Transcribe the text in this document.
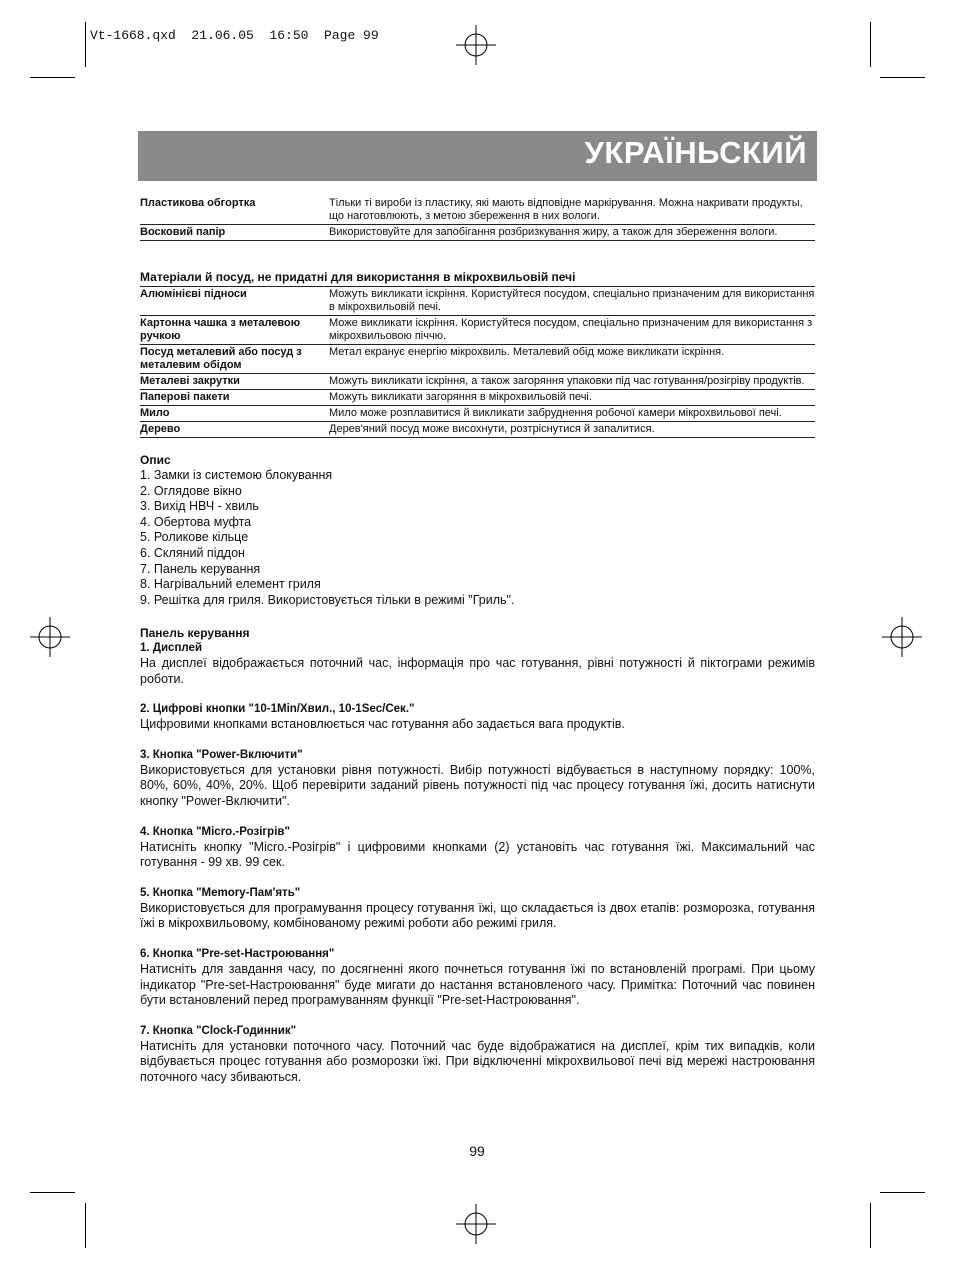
Vt-1668.qxd  21.06.05  16:50  Page 99
УКРАЇНЬСКИЙ
Пластикова обгортка	Тільки ті вироби із пластику, які мають відповідне маркірування. Можна накривати продукты, що наготовлюють, з метою збереження в них вологи.
Восковий папір	Використовуйте для запобігання розбризкування жиру, а також для збереження вологи.
Матеріали й посуд, не придатні для використання в мікрохвильовій печі
Алюмінієві підноси	Можуть викликати іскріння. Користуйтеся посудом, спеціально призначеним для використання в мікрохвильовій печі.
Картонна чашка з металевою ручкою	Може викликати іскріння. Користуйтеся посудом, спеціально призначеним для використання з мікрохвильовою піччю.
Посуд металевий або посуд з металевим обідом	Метал екранує енергію мікрохвиль. Металевий обід може викликати іскріння.
Металеві закрутки	Можуть викликати іскріння, а також загоряння упаковки під час готування/розігріву продуктів.
Паперові пакети	Можуть викликати загоряння в мікрохвильовій печі.
Мило	Мило може розплавитися й викликати забруднення робочої камери мікрохвильової печі.
Дерево	Дерев'яний посуд може висохнути, розтріснутися й запалитися.
Опис
1. Замки із системою блокування
2. Оглядове вікно
3. Вихід НВЧ - хвиль
4. Обертова муфта
5. Роликове кільце
6. Скляний піддон
7. Панель керування
8. Нагрівальний елемент гриля
9. Решітка для гриля. Використовується тільки в режимі "Гриль".
Панель керування
1. Дисплей
На дисплеї відображається поточний час, інформація про час готування, рівні потужності й піктограми режимів роботи.
2. Цифрові кнопки "10-1Min/Хвил., 10-1Sec/Сек."
Цифровими кнопками встановлюється час готування або задається вага продуктів.
3. Кнопка "Power-Включити"
Використовується для установки рівня потужності. Вибір потужності відбувається в наступному порядку: 100%, 80%, 60%, 40%, 20%. Щоб перевірити заданий рівень потужності під час процесу готування їжі, досить натиснути кнопку "Power-Включити".
4. Кнопка "Micro.-Розігрів"
Натисніть кнопку "Micro.-Розігрів" і цифровими кнопками (2) установіть час готування їжі. Максимальний час готування - 99 хв. 99 сек.
5. Кнопка "Memory-Пам'ять"
Використовується для програмування процесу готування їжі, що складається із двох етапів: розморозка, готування їжі в мікрохвильовому, комбінованому режимі роботи або режимі гриля.
6. Кнопка "Pre-set-Настроювання"
Натисніть для завдання часу, по досягненні якого почнеться готування їжі по встановленій програмі. При цьому індикатор "Pre-set-Настроювання" буде мигати до настання встановленого часу. Примітка: Поточний час повинен бути встановлений перед програмуванням функції "Pre-set-Настроювання".
7. Кнопка "Clock-Годинник"
Натисніть для установки поточного часу. Поточний час буде відображатися на дисплеї, крім тих випадків, коли відбувається процес готування або розморозки їжі. При відключенні мікрохвильової печі від мережі настроювання поточного часу збиваються.
99
